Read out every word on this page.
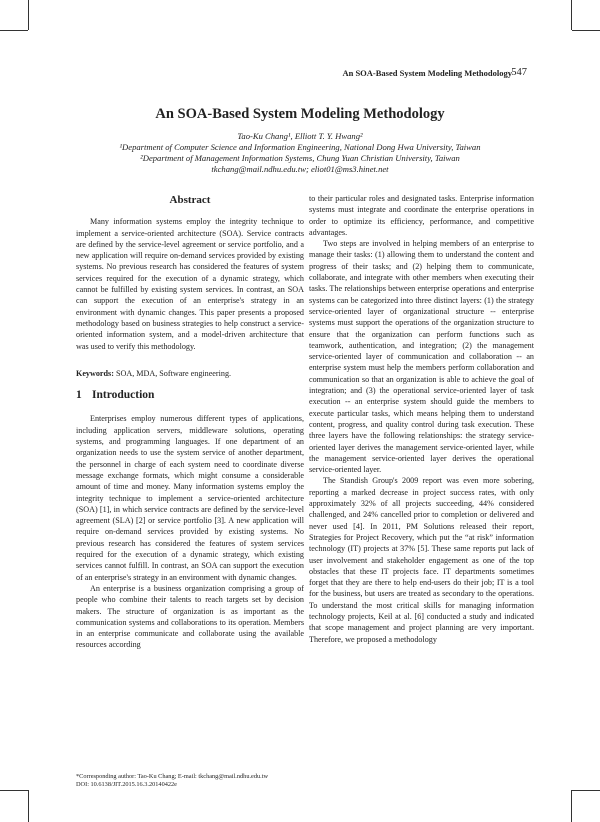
An SOA-Based System Modeling Methodology 547
An SOA-Based System Modeling Methodology
Tao-Ku Chang¹, Elliott T. Y. Hwang²
¹Department of Computer Science and Information Engineering, National Dong Hwa University, Taiwan
²Department of Management Information Systems, Chung Yuan Christian University, Taiwan
tkchang@mail.ndhu.edu.tw; eliot01@ms3.hinet.net
Abstract

Many information systems employ the integrity technique to implement a service-oriented architecture (SOA). Service contracts are defined by the service-level agreement or service portfolio, and a new application will require on-demand services provided by existing systems. No previous research has considered the features of system services required for the execution of a dynamic strategy, which cannot be fulfilled by existing system services. In contrast, an SOA can support the execution of an enterprise's strategy in an environment with dynamic changes. This paper presents a proposed methodology based on business strategies to help construct a service-oriented information system, and a model-driven architecture that was used to verify this methodology.

Keywords: SOA, MDA, Software engineering.

1 Introduction

Enterprises employ numerous different types of applications, including application servers, middleware solutions, operating systems, and programming languages. If one department of an organization needs to use the system service of another department, the personnel in charge of each system need to coordinate diverse message exchange formats, which might consume a considerable amount of time and money. Many information systems employ the integrity technique to implement a service-oriented architecture (SOA) [1], in which service contracts are defined by the service-level agreement (SLA) [2] or service portfolio [3]. A new application will require on-demand services provided by existing systems. No previous research has considered the features of system services required for the execution of a dynamic strategy, which existing services cannot fulfill. In contrast, an SOA can support the execution of an enterprise's strategy in an environment with dynamic changes.

An enterprise is a business organization comprising a group of people who combine their talents to reach targets set by decision makers. The structure of organization is as important as the communication systems and collaborations to its operation. Members in an enterprise communicate and collaborate using the available resources according

to their particular roles and designated tasks. Enterprise information systems must integrate and coordinate the enterprise operations in order to optimize its efficiency, performance, and competitive advantages.

Two steps are involved in helping members of an enterprise to manage their tasks: (1) allowing them to understand the content and progress of their tasks; and (2) helping them to communicate, collaborate, and integrate with other members when executing their tasks. The relationships between enterprise operations and enterprise systems can be categorized into three distinct layers: (1) the strategy service-oriented layer of organizational structure -- enterprise systems must support the operations of the organization structure to ensure that the organization can perform functions such as teamwork, authentication, and integration; (2) the management service-oriented layer of communication and collaboration -- an enterprise system must help the members perform collaboration and communication so that an organization is able to achieve the goal of integration; and (3) the operational service-oriented layer of task execution -- an enterprise system should guide the members to execute particular tasks, which means helping them to understand content, progress, and quality control during task execution. These three layers have the following relationships: the strategy service-oriented layer derives the management service-oriented layer, while the management service-oriented layer derives the operational service-oriented layer.

The Standish Group's 2009 report was even more sobering, reporting a marked decrease in project success rates, with only approximately 32% of all projects succeeding, 44% considered challenged, and 24% cancelled prior to completion or delivered and never used [4]. In 2011, PM Solutions released their report, Strategies for Project Recovery, which put the “at risk” information technology (IT) projects at 37% [5]. These same reports put lack of user involvement and stakeholder engagement as one of the top obstacles that these IT projects face. IT departments sometimes forget that they are there to help end-users do their job; IT is a tool for the business, but users are treated as secondary to the operations. To understand the most critical skills for managing information technology projects, Keil at al. [6] conducted a study and indicated that scope management and project planning are very important. Therefore, we proposed a methodology

*Corresponding author: Tao-Ku Chang; E-mail: tkchang@mail.ndhu.edu.tw
DOI: 10.6138/JIT.2015.16.3.20140422e
